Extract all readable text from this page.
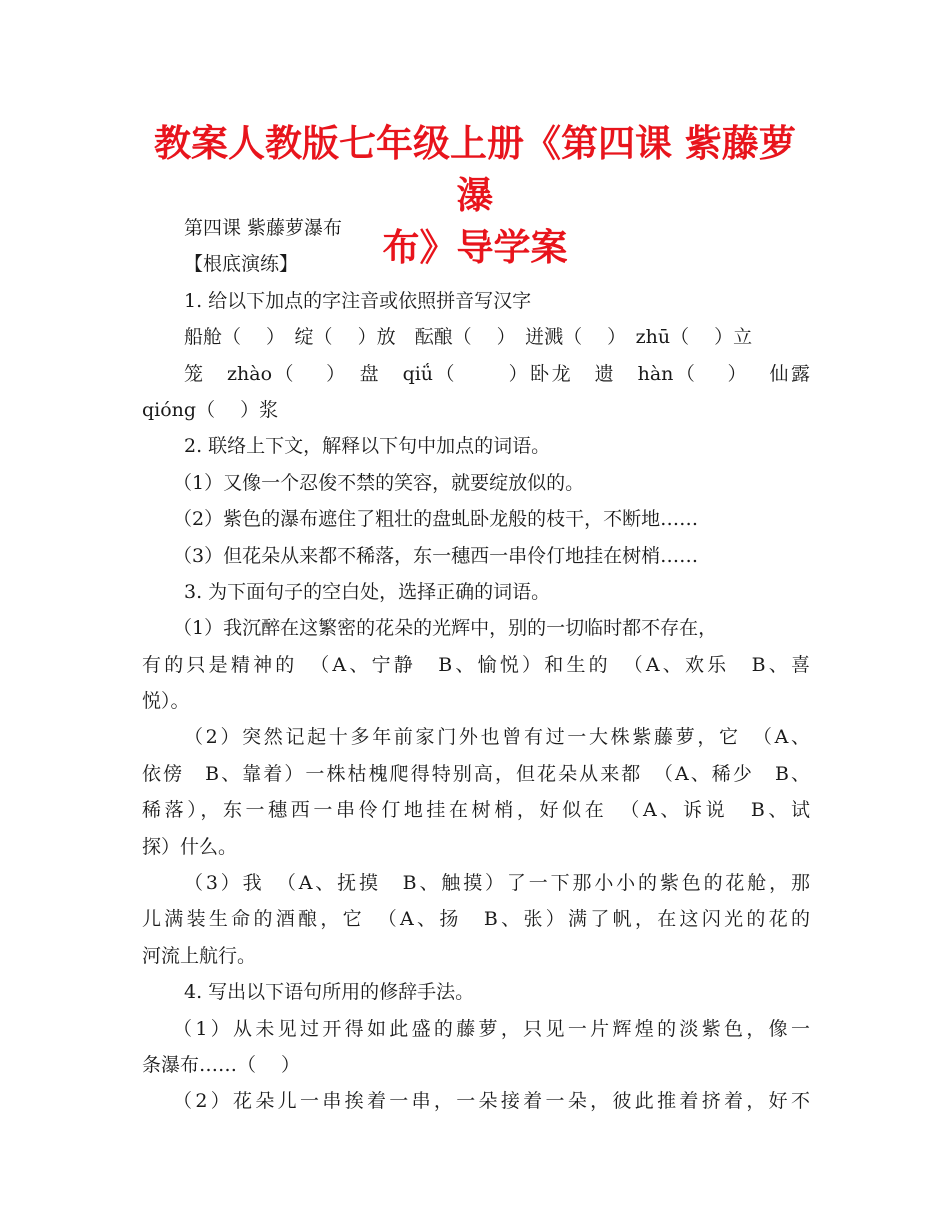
教案人教版七年级上册《第四课 紫藤萝瀑
布》导学案
第四课 紫藤萝瀑布
【根底演练】
1. 给以下加点的字注音或依照拼音写汉字
船舱（　 ）　绽（　 ）放　酝酿（　 ）　迸溅（　 ）　zhū（　 ）立
笼　zhào（　 ）　盘　qiǘ（　　 ）卧龙　遗　hàn（　 ）　 仙露
qióng（　 ）浆
2. 联络上下文，解释以下句中加点的词语。
（1）又像一个忍俊不禁的笑容，就要绽放似的。
（2）紫色的瀑布遮住了粗壮的盘虬卧龙般的枝干，不断地……
（3）但花朵从来都不稀落，东一穗西一串伶仃地挂在树梢……
3. 为下面句子的空白处，选择正确的词语。
（1）我沉醉在这繁密的花朵的光辉中，别的一切临时都不存在，
有的只是精神的　（A、宁静　B、愉悦）和生的　（A、欢乐　B、喜
悦）。
（2）突然记起十多年前家门外也曾有过一大株紫藤萝，它　（A、
依傍　B、靠着）一株枯槐爬得特别高，但花朵从来都　（A、稀少　B、
稀落），东一穗西一串伶仃地挂在树梢，好似在　（A、诉说　B、试
探）什么。
（3）我　（A、抚摸　B、触摸）了一下那小小的紫色的花舱，那
儿满装生命的酒酿，它　（A、扬　B、张）满了帆，在这闪光的花的
河流上航行。
4. 写出以下语句所用的修辞手法。
（1）从未见过开得如此盛的藤萝，只见一片辉煌的淡紫色，像一
条瀑布……（　 ）
（2）花朵儿一串挨着一串，一朵接着一朵，彼此推着挤着，好不
